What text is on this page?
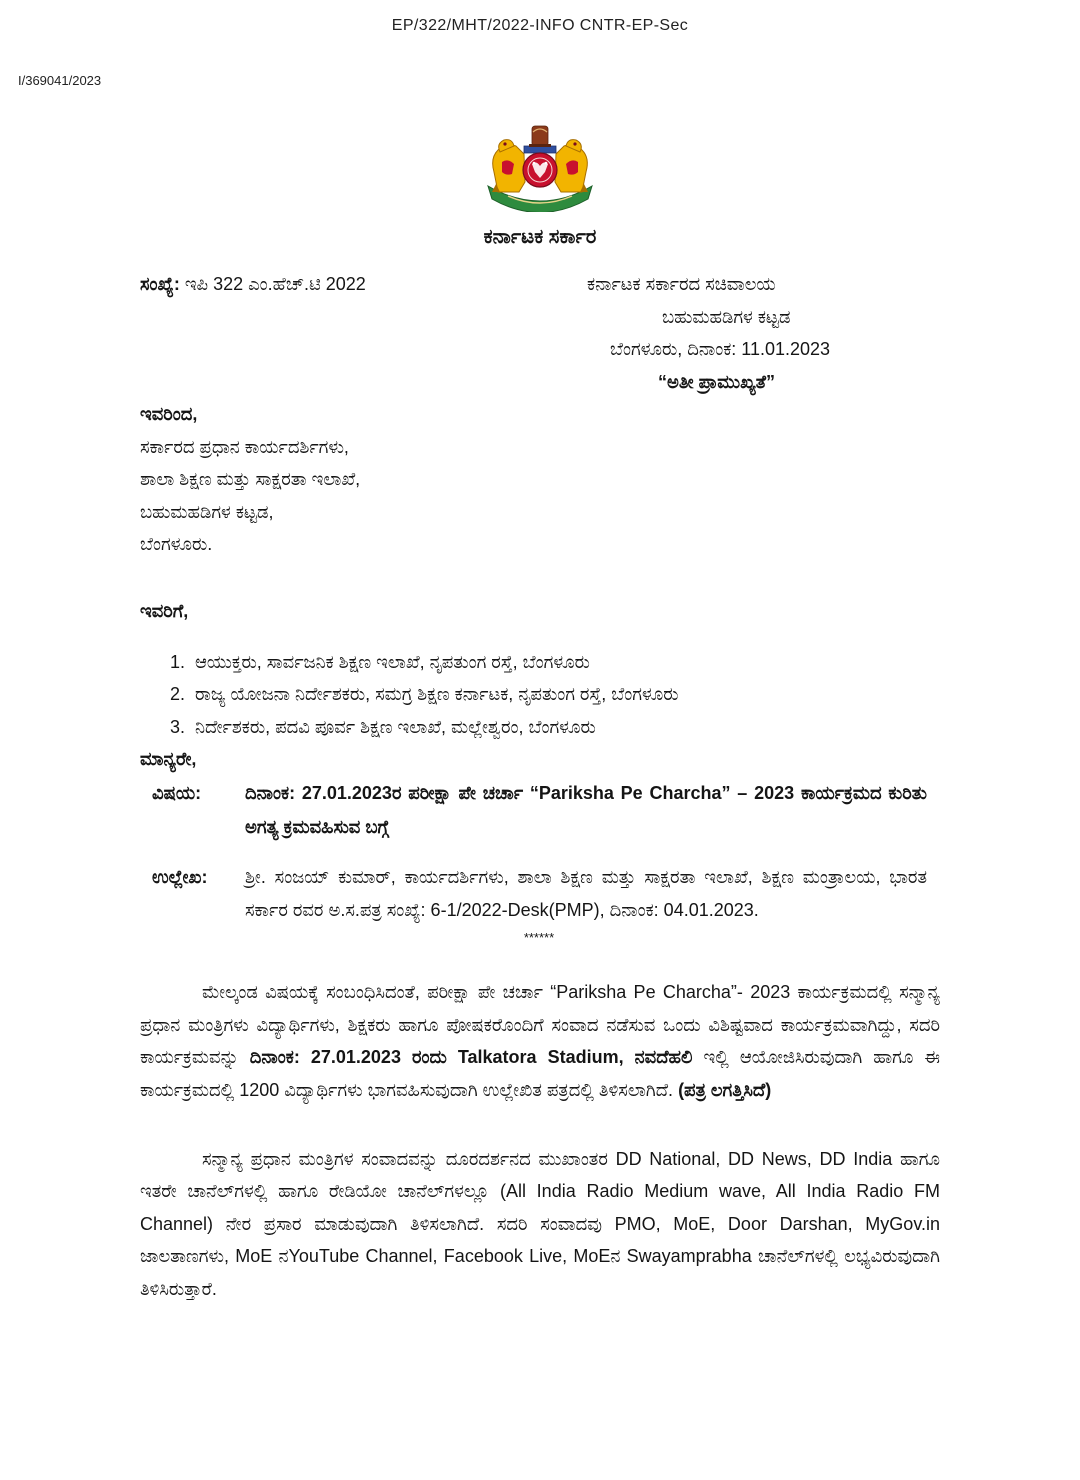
EP/322/MHT/2022-INFO CNTR-EP-Sec
I/369041/2023
ಕರ್ನಾಟಕ ಸರ್ಕಾರ
ಸಂಖ್ಯೆ: ಇಪಿ 322 ಎಂ.ಹೆಚ್.ಟಿ 2022	ಕರ್ನಾಟಕ ಸರ್ಕಾರದ ಸಚಿವಾಲಯ
ಬಹುಮಹಡಿಗಳ ಕಟ್ಟಡ
ಬೆಂಗಳೂರು, ದಿನಾಂಕ: 11.01.2023
“ಅತೀ ಪ್ರಾಮುಖ್ಯತೆ”
ಇವರಿಂದ,
ಸರ್ಕಾರದ ಪ್ರಧಾನ ಕಾರ್ಯದರ್ಶಿಗಳು,
ಶಾಲಾ ಶಿಕ್ಷಣ ಮತ್ತು ಸಾಕ್ಷರತಾ ಇಲಾಖೆ,
ಬಹುಮಹಡಿಗಳ ಕಟ್ಟಡ,
ಬೆಂಗಳೂರು.
ಇವರಿಗೆ,
1. ಆಯುಕ್ತರು, ಸಾರ್ವಜನಿಕ ಶಿಕ್ಷಣ ಇಲಾಖೆ, ನೃಪತುಂಗ ರಸ್ತೆ, ಬೆಂಗಳೂರು
2. ರಾಜ್ಯ ಯೋಜನಾ ನಿರ್ದೇಶಕರು, ಸಮಗ್ರ ಶಿಕ್ಷಣ ಕರ್ನಾಟಕ, ನೃಪತುಂಗ ರಸ್ತೆ, ಬೆಂಗಳೂರು
3. ನಿರ್ದೇಶಕರು, ಪದವಿ ಪೂರ್ವ ಶಿಕ್ಷಣ ಇಲಾಖೆ, ಮಲ್ಲೇಶ್ವರಂ, ಬೆಂಗಳೂರು
ಮಾನ್ಯರೇ,
ವಿಷಯ:	ದಿನಾಂಕ: 27.01.2023ರ ಪರೀಕ್ಷಾ ಪೇ ಚರ್ಚಾ “Pariksha Pe Charcha” – 2023 ಕಾರ್ಯಕ್ರಮದ ಕುರಿತು ಅಗತ್ಯ ಕ್ರಮವಹಿಸುವ ಬಗ್ಗೆ
ಉಲ್ಲೇಖ:	ಶ್ರೀ. ಸಂಜಯ್ ಕುಮಾರ್, ಕಾರ್ಯದರ್ಶಿಗಳು, ಶಾಲಾ ಶಿಕ್ಷಣ ಮತ್ತು ಸಾಕ್ಷರತಾ ಇಲಾಖೆ, ಶಿಕ್ಷಣ ಮಂತ್ರಾಲಯ, ಭಾರತ ಸರ್ಕಾರ ರವರ ಅ.ಸ.ಪತ್ರ ಸಂಖ್ಯೆ: 6-1/2022-Desk(PMP), ದಿನಾಂಕ: 04.01.2023.
******

ಮೇಲ್ಕಂಡ ವಿಷಯಕ್ಕೆ ಸಂಬಂಧಿಸಿದಂತೆ, ಪರೀಕ್ಷಾ ಪೇ ಚರ್ಚಾ “Pariksha Pe Charcha”- 2023 ಕಾರ್ಯಕ್ರಮದಲ್ಲಿ ಸನ್ಮಾನ್ಯ ಪ್ರಧಾನ ಮಂತ್ರಿಗಳು ವಿದ್ಯಾರ್ಥಿಗಳು, ಶಿಕ್ಷಕರು ಹಾಗೂ ಪೋಷಕರೊಂದಿಗೆ ಸಂವಾದ ನಡೆಸುವ ಒಂದು ವಿಶಿಷ್ಟವಾದ ಕಾರ್ಯಕ್ರಮವಾಗಿದ್ದು, ಸದರಿ ಕಾರ್ಯಕ್ರಮವನ್ನು ದಿನಾಂಕ: 27.01.2023 ರಂದು Talkatora Stadium, ನವದೆಹಲಿ ಇಲ್ಲಿ ಆಯೋಜಿಸಿರುವುದಾಗಿ ಹಾಗೂ ಈ ಕಾರ್ಯಕ್ರಮದಲ್ಲಿ 1200 ವಿದ್ಯಾರ್ಥಿಗಳು ಭಾಗವಹಿಸುವುದಾಗಿ ಉಲ್ಲೇಖಿತ ಪತ್ರದಲ್ಲಿ ತಿಳಿಸಲಾಗಿದೆ. (ಪತ್ರ ಲಗತ್ತಿಸಿದೆ)

ಸನ್ಮಾನ್ಯ ಪ್ರಧಾನ ಮಂತ್ರಿಗಳ ಸಂವಾದವನ್ನು ದೂರದರ್ಶನದ ಮುಖಾಂತರ DD National, DD News, DD India ಹಾಗೂ ಇತರೇ ಚಾನೆಲ್‌ಗಳಲ್ಲಿ ಹಾಗೂ ರೇಡಿಯೋ ಚಾನೆಲ್‌ಗಳಲ್ಲೂ (All India Radio Medium wave, All India Radio FM Channel) ನೇರ ಪ್ರಸಾರ ಮಾಡುವುದಾಗಿ ತಿಳಿಸಲಾಗಿದೆ. ಸದರಿ ಸಂವಾದವು PMO, MoE, Door Darshan, MyGov.in ಜಾಲತಾಣಗಳು, MoE ನYouTube Channel, Facebook Live, MoEನ Swayamprabha ಚಾನೆಲ್‌ಗಳಲ್ಲಿ ಲಭ್ಯವಿರುವುದಾಗಿ ತಿಳಿಸಿರುತ್ತಾರೆ.
